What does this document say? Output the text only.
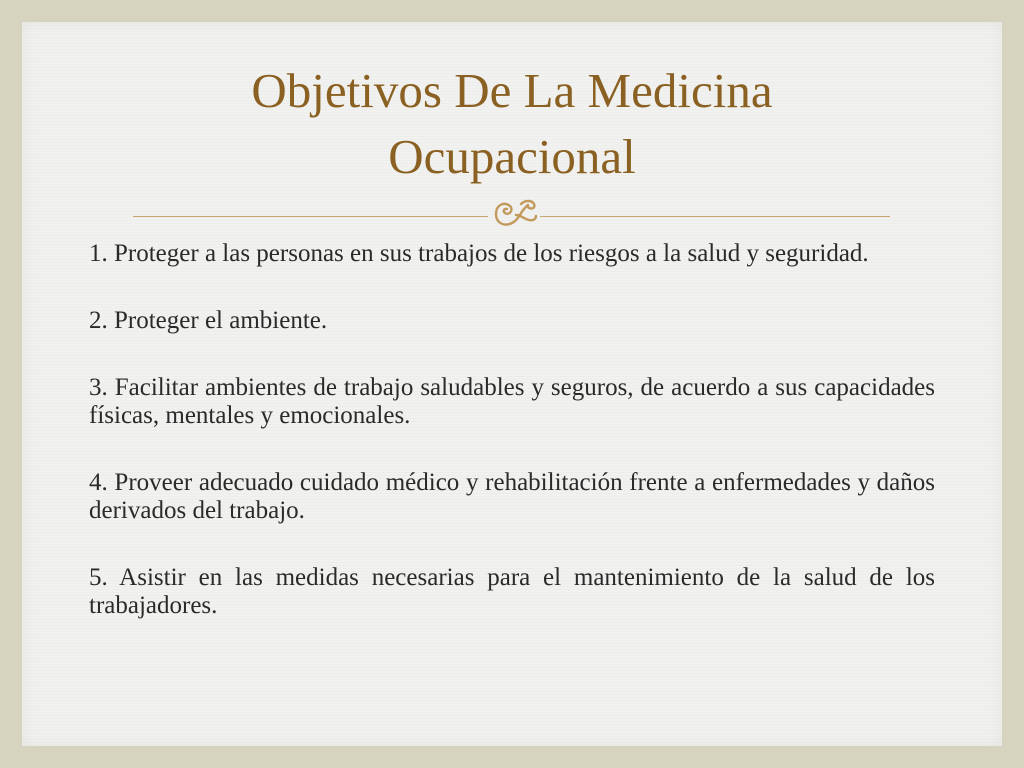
Objetivos De La Medicina
Ocupacional

1. Proteger a las personas en sus trabajos de los riesgos a la salud y seguridad.

2. Proteger el ambiente.

3. Facilitar ambientes de trabajo saludables y seguros, de acuerdo a sus capacidades físicas, mentales y emocionales.

4. Proveer adecuado cuidado médico y rehabilitación frente a enfermedades y daños derivados del trabajo.

5. Asistir en las medidas necesarias para el mantenimiento de la salud de los trabajadores.
